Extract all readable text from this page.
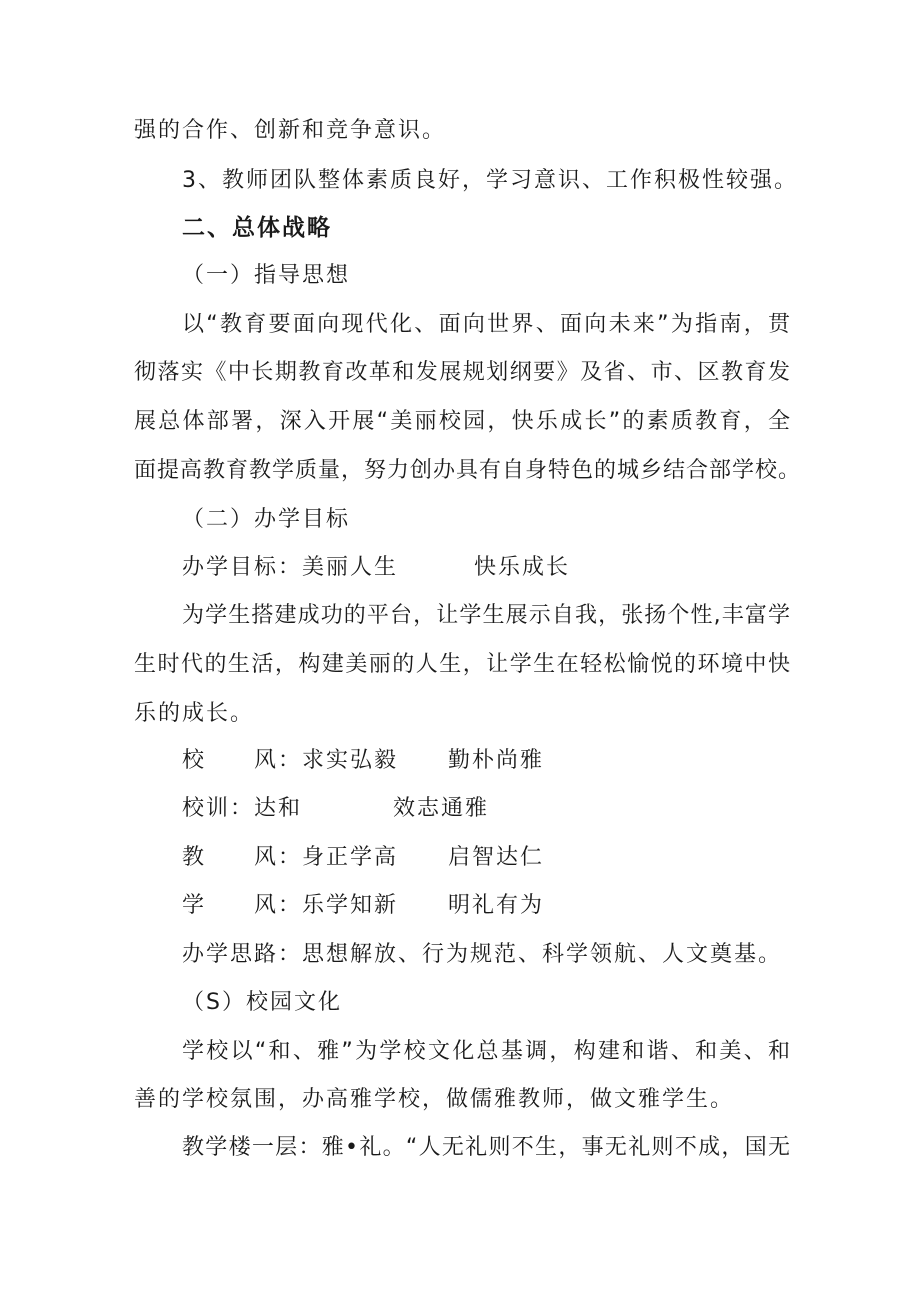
强的合作、创新和竞争意识。
3、教师团队整体素质良好，学习意识、工作积极性较强。
二、总体战略
（一）指导思想
以“教育要面向现代化、面向世界、面向未来”为指南，贯
彻落实《中长期教育改革和发展规划纲要》及省、市、区教育发
展总体部署，深入开展“美丽校园，快乐成长”的素质教育，全
面提高教育教学质量，努力创办具有自身特色的城乡结合部学校。
（二）办学目标
办学目标：美丽人生	快乐成长
为学生搭建成功的平台，让学生展示自我，张扬个性,丰富学
生时代的生活，构建美丽的人生，让学生在轻松愉悦的环境中快
乐的成长。
校　　风：求实弘毅 勤朴尚雅
校训：达和	效志通雅
教　　风：身正学高 启智达仁
学　　风：乐学知新 明礼有为
办学思路：思想解放、行为规范、科学领航、人文奠基。
（S）校园文化
学校以“和、雅”为学校文化总基调，构建和谐、和美、和
善的学校氛围，办高雅学校，做儒雅教师，做文雅学生。
教学楼一层：雅•礼。“人无礼则不生，事无礼则不成，国无
